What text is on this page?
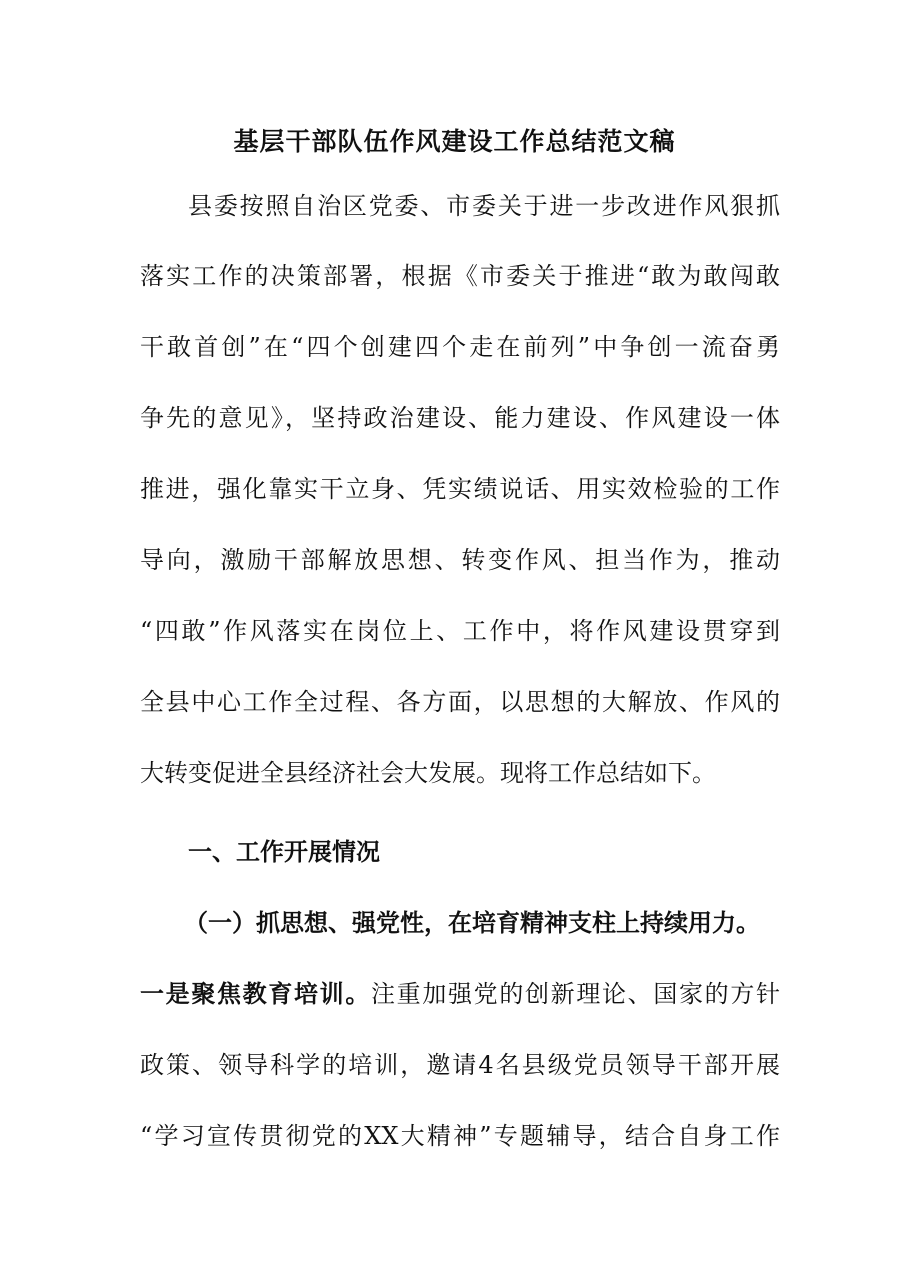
基层干部队伍作风建设工作总结范文稿
县委按照自治区党委、市委关于进一步改进作风狠抓
落实工作的决策部署，根据《市委关于推进“敢为敢闯敢
干敢首创”在“四个创建四个走在前列”中争创一流奋勇
争先的意见》，坚持政治建设、能力建设、作风建设一体
推进，强化靠实干立身、凭实绩说话、用实效检验的工作
导向，激励干部解放思想、转变作风、担当作为，推动
“四敢”作风落实在岗位上、工作中，将作风建设贯穿到
全县中心工作全过程、各方面，以思想的大解放、作风的
大转变促进全县经济社会大发展。现将工作总结如下。
一、工作开展情况
（一）抓思想、强党性，在培育精神支柱上持续用力。
一是聚焦教育培训。注重加强党的创新理论、国家的方针
政策、领导科学的培训，邀请4名县级党员领导干部开展
“学习宣传贯彻党的XX大精神”专题辅导，结合自身工作
